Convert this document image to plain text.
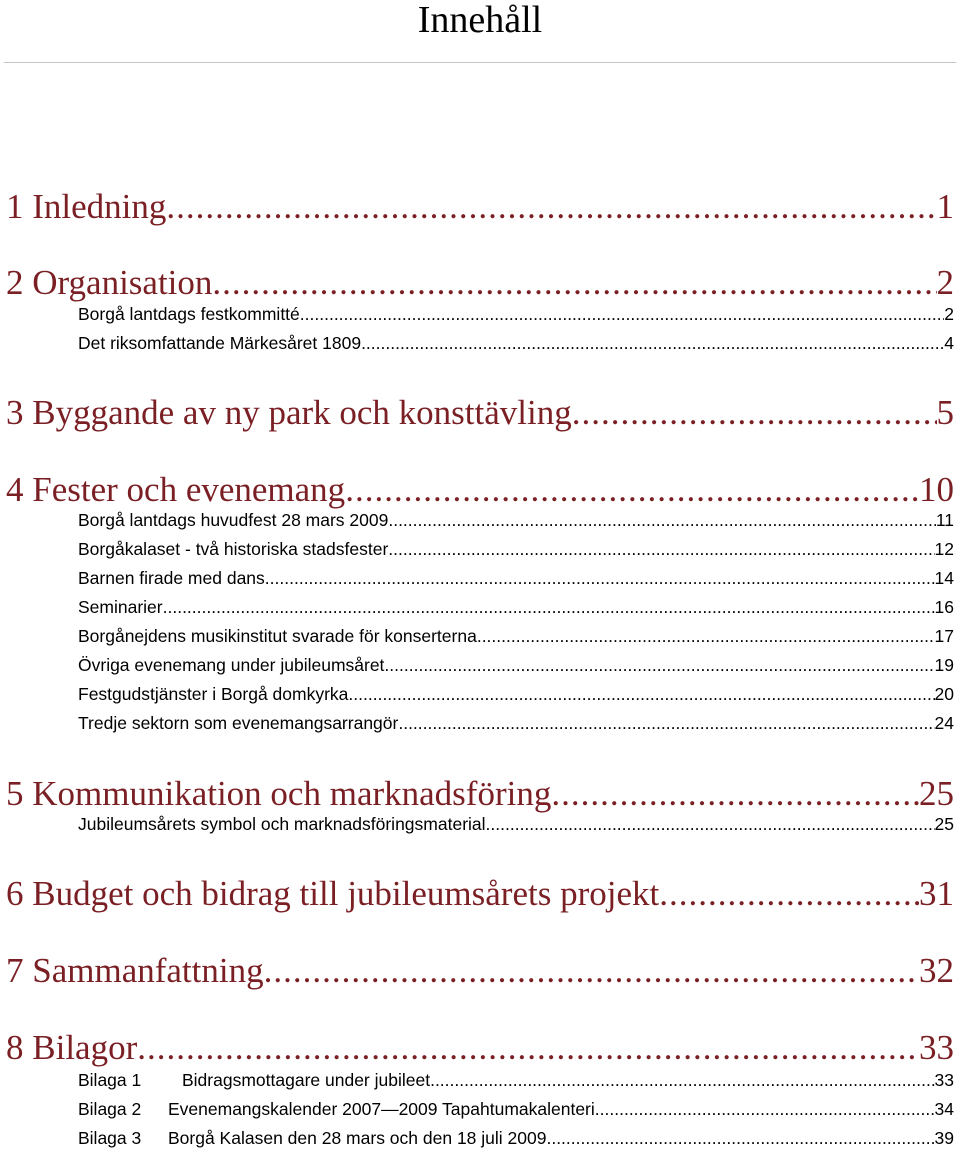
Innehåll
1 Inledning .....	1
2 Organisation .....	2
Borgå lantdags festkommitté .....	2
Det riksomfattande Märkesåret 1809 .....	4
3 Byggande av ny park och konsttävling .....	5
4 Fester och evenemang .....	10
Borgå lantdags huvudfest 28 mars 2009 .....	11
Borgåkalaset - två historiska stadsfester .....	12
Barnen firade med dans .....	14
Seminarier .....	16
Borgånejdens musikinstitut svarade för konserterna .....	17
Övriga evenemang under jubileumsåret .....	19
Festgudstjänster i Borgå domkyrka .....	20
Tredje sektorn som evenemangsarrangör .....	24
5 Kommunikation och marknadsföring .....	25
Jubileumsårets symbol och marknadsföringsmaterial .....	25
6 Budget och bidrag till jubileumsårets projekt .....	31
7 Sammanfattning .....	32
8 Bilagor .....	33
Bilaga 1 Bidragsmottagare under jubileet .....	33
Bilaga 2 Evenemangskalender 2007—2009 Tapahtumakalenteri .....	34
Bilaga 3 Borgå Kalasen den 28 mars och den 18 juli 2009 .....	39
